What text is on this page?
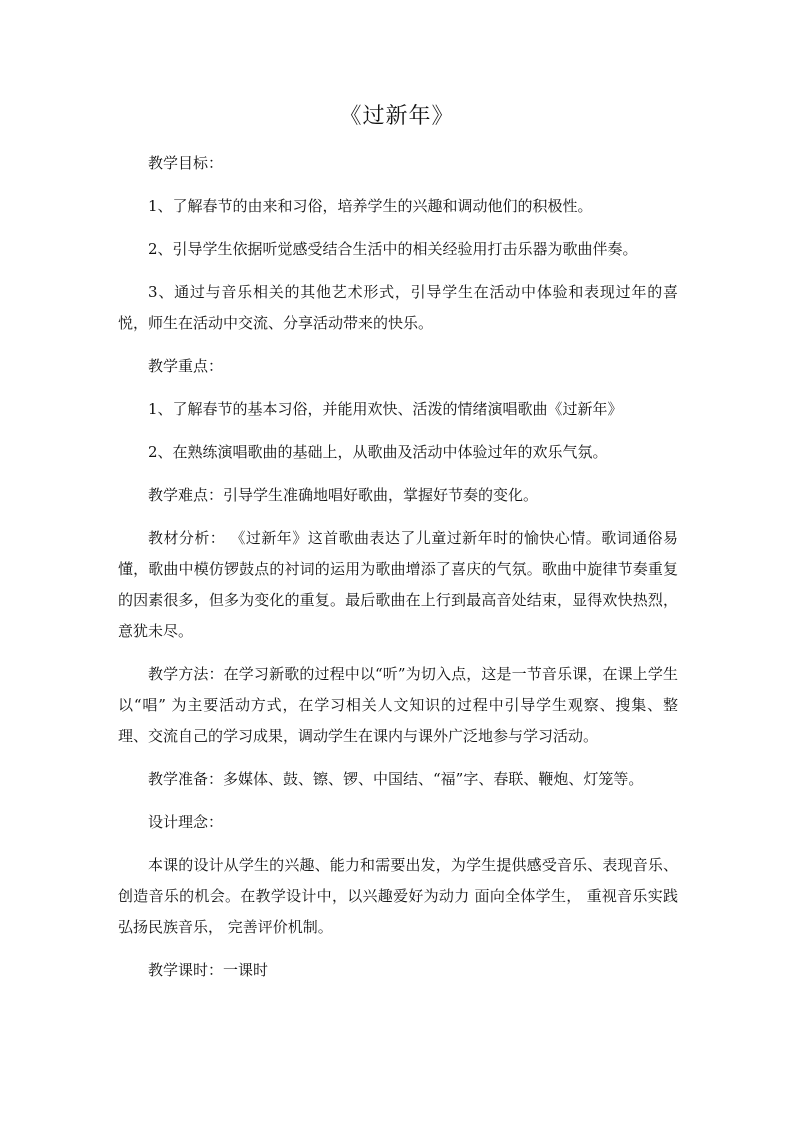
《过新年》

教学目标：

1、了解春节的由来和习俗，培养学生的兴趣和调动他们的积极性。

2、引导学生依据听觉感受结合生活中的相关经验用打击乐器为歌曲伴奏。

3、通过与音乐相关的其他艺术形式，引导学生在活动中体验和表现过年的喜悦，师生在活动中交流、分享活动带来的快乐。

教学重点：

1、了解春节的基本习俗，并能用欢快、活泼的情绪演唱歌曲《过新年》

2、在熟练演唱歌曲的基础上，从歌曲及活动中体验过年的欢乐气氛。

教学难点：引导学生准确地唱好歌曲，掌握好节奏的变化。

教材分析： 《过新年》这首歌曲表达了儿童过新年时的愉快心情。歌词通俗易懂，歌曲中模仿锣鼓点的衬词的运用为歌曲增添了喜庆的气氛。歌曲中旋律节奏重复的因素很多，但多为变化的重复。最后歌曲在上行到最高音处结束，显得欢快热烈，意犹未尽。

教学方法：在学习新歌的过程中以“听”为切入点，这是一节音乐课，在课上学生以“唱” 为主要活动方式，在学习相关人文知识的过程中引导学生观察、搜集、整理、交流自己的学习成果，调动学生在课内与课外广泛地参与学习活动。

教学准备：多媒体、鼓、镲、锣、中国结、“福”字、春联、鞭炮、灯笼等。

设计理念：

本课的设计从学生的兴趣、能力和需要出发，为学生提供感受音乐、表现音乐、创造音乐的机会。在教学设计中，以兴趣爱好为动力 面向全体学生， 重视音乐实践弘扬民族音乐， 完善评价机制。

教学课时：一课时
